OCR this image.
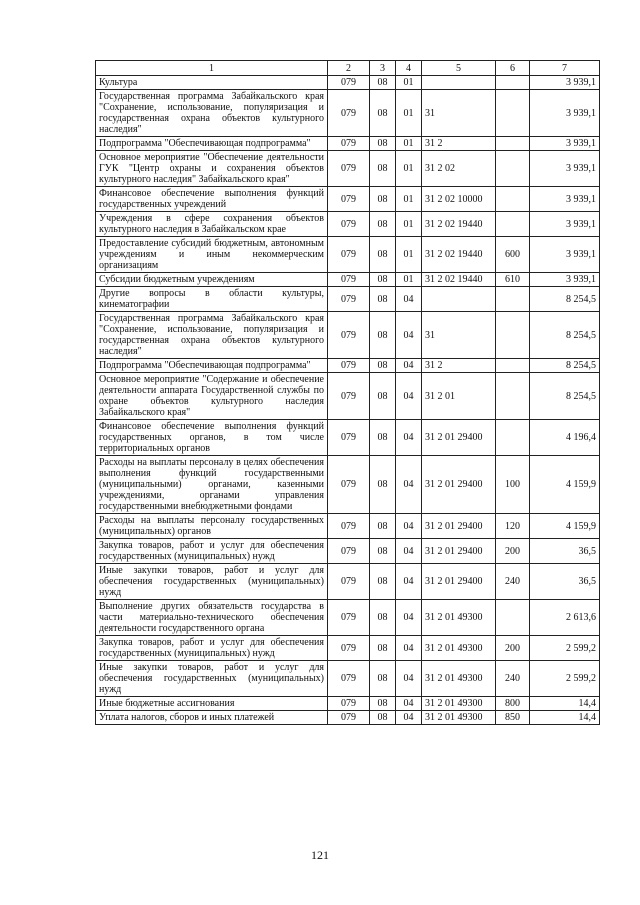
1	2	3	4	5	6	7
Культура	079	08	01			3 939,1
Государственная программа Забайкальского края "Сохранение, использование, популяризация и государственная охрана объектов культурного наследия"	079	08	01	31		3 939,1
Подпрограмма "Обеспечивающая подпрограмма"	079	08	01	31 2		3 939,1
Основное мероприятие "Обеспечение деятельности ГУК "Центр охраны и сохранения объектов культурного наследия" Забайкальского края"	079	08	01	31 2 02		3 939,1
Финансовое обеспечение выполнения функций государственных учреждений	079	08	01	31 2 02 10000		3 939,1
Учреждения в сфере сохранения объектов культурного наследия в Забайкальском крае	079	08	01	31 2 02 19440		3 939,1
Предоставление субсидий бюджетным, автономным учреждениям и иным некоммерческим организациям	079	08	01	31 2 02 19440	600	3 939,1
Субсидии бюджетным учреждениям	079	08	01	31 2 02 19440	610	3 939,1
Другие вопросы в области культуры, кинематографии	079	08	04			8 254,5
Государственная программа Забайкальского края "Сохранение, использование, популяризация и государственная охрана объектов культурного наследия"	079	08	04	31		8 254,5
Подпрограмма "Обеспечивающая подпрограмма"	079	08	04	31 2		8 254,5
Основное мероприятие "Содержание и обеспечение деятельности аппарата Государственной службы по охране объектов культурного наследия Забайкальского края"	079	08	04	31 2 01		8 254,5
Финансовое обеспечение выполнения функций государственных органов, в том числе территориальных органов	079	08	04	31 2 01 29400		4 196,4
Расходы на выплаты персоналу в целях обеспечения выполнения функций государственными (муниципальными) органами, казенными учреждениями, органами управления государственными внебюджетными фондами	079	08	04	31 2 01 29400	100	4 159,9
Расходы на выплаты персоналу государственных (муниципальных) органов	079	08	04	31 2 01 29400	120	4 159,9
Закупка товаров, работ и услуг для обеспечения государственных (муниципальных) нужд	079	08	04	31 2 01 29400	200	36,5
Иные закупки товаров, работ и услуг для обеспечения государственных (муниципальных) нужд	079	08	04	31 2 01 29400	240	36,5
Выполнение других обязательств государства в части материально-технического обеспечения деятельности государственного органа	079	08	04	31 2 01 49300		2 613,6
Закупка товаров, работ и услуг для обеспечения государственных (муниципальных) нужд	079	08	04	31 2 01 49300	200	2 599,2
Иные закупки товаров, работ и услуг для обеспечения государственных (муниципальных) нужд	079	08	04	31 2 01 49300	240	2 599,2
Иные бюджетные ассигнования	079	08	04	31 2 01 49300	800	14,4
Уплата налогов, сборов и иных платежей	079	08	04	31 2 01 49300	850	14,4
121
